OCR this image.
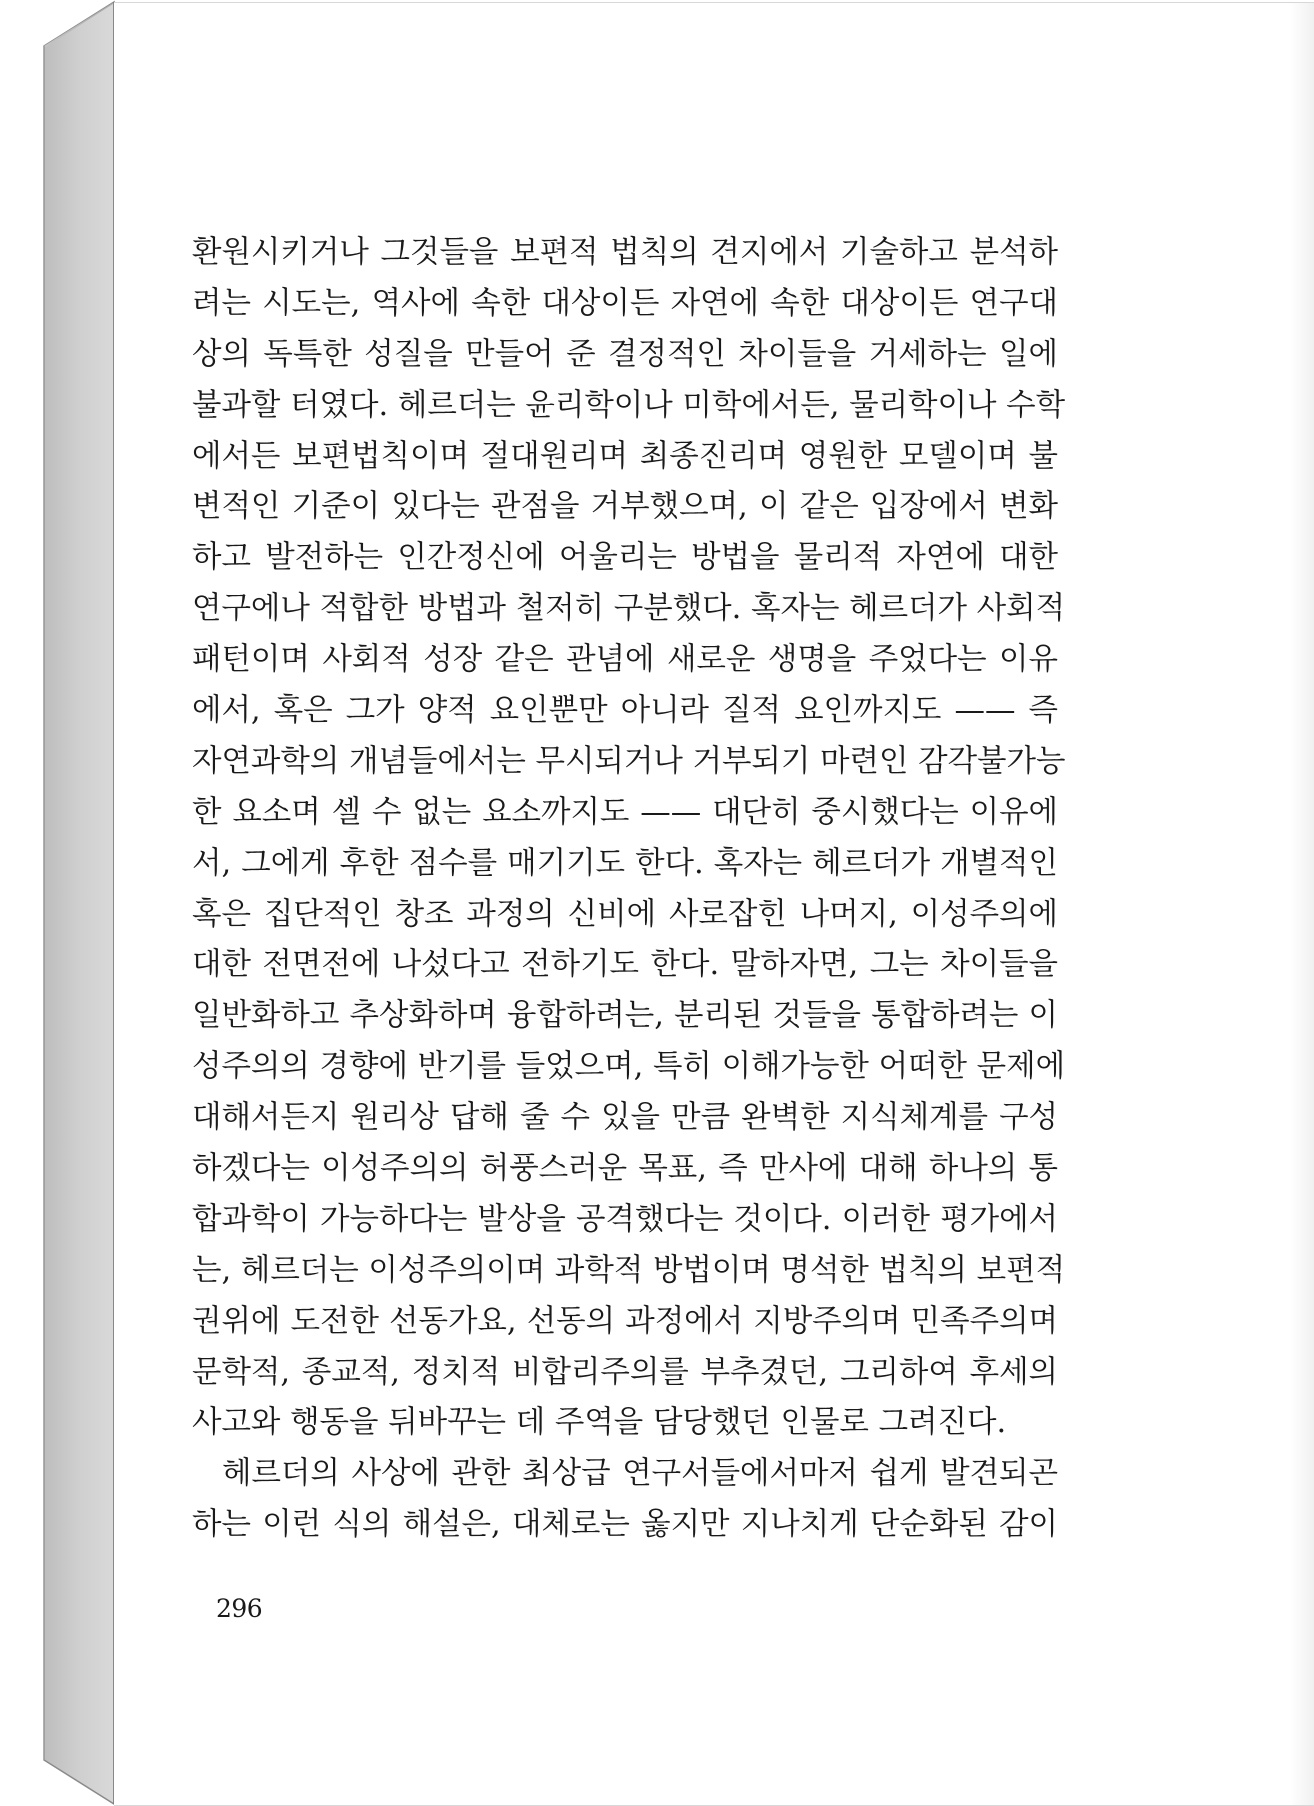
환원시키거나 그것들을 보편적 법칙의 견지에서 기술하고 분석하
려는 시도는, 역사에 속한 대상이든 자연에 속한 대상이든 연구대
상의 독특한 성질을 만들어 준 결정적인 차이들을 거세하는 일에
불과할 터였다. 헤르더는 윤리학이나 미학에서든, 물리학이나 수학
에서든 보편법칙이며 절대원리며 최종진리며 영원한 모델이며 불
변적인 기준이 있다는 관점을 거부했으며, 이 같은 입장에서 변화
하고 발전하는 인간정신에 어울리는 방법을 물리적 자연에 대한
연구에나 적합한 방법과 철저히 구분했다. 혹자는 헤르더가 사회적
패턴이며 사회적 성장 같은 관념에 새로운 생명을 주었다는 이유
에서, 혹은 그가 양적 요인뿐만 아니라 질적 요인까지도 —— 즉
자연과학의 개념들에서는 무시되거나 거부되기 마련인 감각불가능
한 요소며 셀 수 없는 요소까지도 —— 대단히 중시했다는 이유에
서, 그에게 후한 점수를 매기기도 한다. 혹자는 헤르더가 개별적인
혹은 집단적인 창조 과정의 신비에 사로잡힌 나머지, 이성주의에
대한 전면전에 나섰다고 전하기도 한다. 말하자면, 그는 차이들을
일반화하고 추상화하며 융합하려는, 분리된 것들을 통합하려는 이
성주의의 경향에 반기를 들었으며, 특히 이해가능한 어떠한 문제에
대해서든지 원리상 답해 줄 수 있을 만큼 완벽한 지식체계를 구성
하겠다는 이성주의의 허풍스러운 목표, 즉 만사에 대해 하나의 통
합과학이 가능하다는 발상을 공격했다는 것이다. 이러한 평가에서
는, 헤르더는 이성주의이며 과학적 방법이며 명석한 법칙의 보편적
권위에 도전한 선동가요, 선동의 과정에서 지방주의며 민족주의며
문학적, 종교적, 정치적 비합리주의를 부추겼던, 그리하여 후세의
사고와 행동을 뒤바꾸는 데 주역을 담당했던 인물로 그려진다.
헤르더의 사상에 관한 최상급 연구서들에서마저 쉽게 발견되곤
하는 이런 식의 해설은, 대체로는 옳지만 지나치게 단순화된 감이
296
